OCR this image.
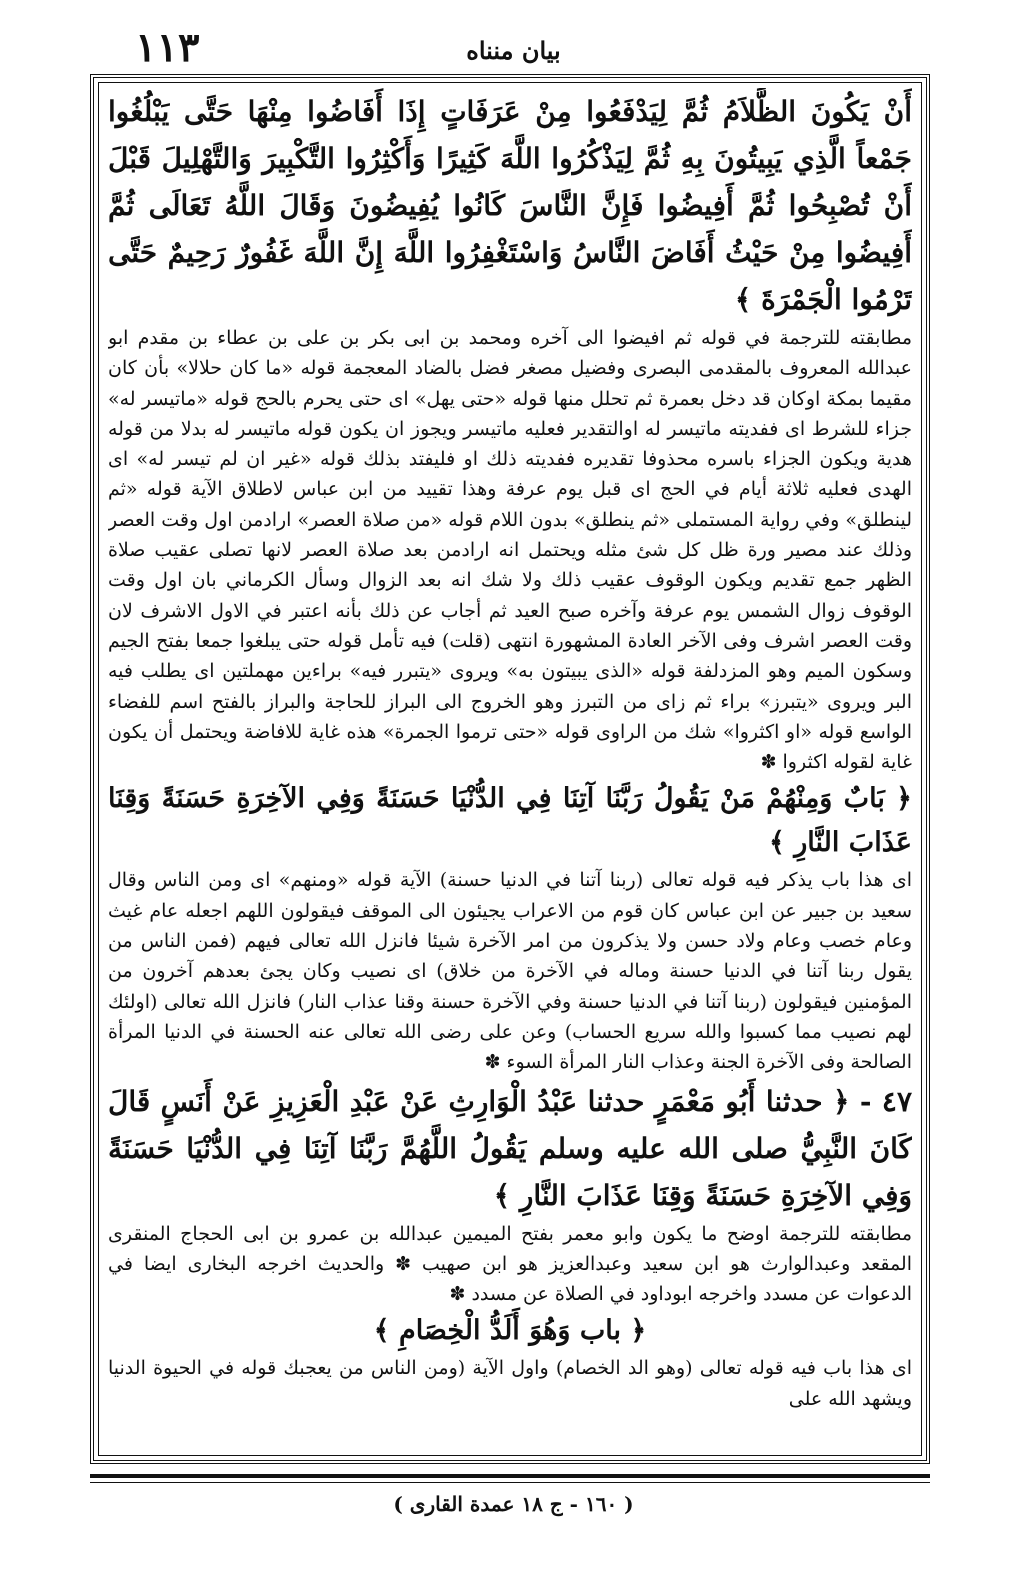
١١٣	بيان منناه

أَنْ يَكُونَ الظَّلاَمُ ثُمَّ لِيَدْفَعُوا مِنْ عَرَفَاتٍ إِذَا أَفَاضُوا مِنْهَا حَتَّى يَبْلُغُوا جَمْعاً الَّذِي يَبِيتُونَ بِهِ ثُمَّ لِيَذْكُرُوا اللَّهَ كَثِيرًا وَأَكْثِرُوا التَّكْبِيرَ وَالتَّهْلِيلَ قَبْلَ أَنْ تُصْبِحُوا ثُمَّ أَفِيضُوا فَإِنَّ النَّاسَ كَانُوا يُفِيضُونَ وَقَالَ اللَّهُ تَعَالَى ثُمَّ أَفِيضُوا مِنْ حَيْثُ أَفَاضَ النَّاسُ وَاسْتَغْفِرُوا اللَّهَ إِنَّ اللَّهَ غَفُورٌ رَحِيمٌ حَتَّى تَرْمُوا الْجَمْرَةَ ﴾

مطابقته للترجمة في قوله ثم افيضوا الى آخره ومحمد بن ابى بكر بن على بن عطاء بن مقدم ابو عبدالله المعروف بالمقدمى البصرى وفضيل مصغر فضل بالضاد المعجمة قوله «ما كان حلالا» بأن كان مقيما بمكة اوكان قد دخل بعمرة ثم تحلل منها قوله «حتى يهل» اى حتى يحرم بالحج قوله «ماتيسر له» جزاء للشرط اى ففديته ماتيسر له اوالتقدير فعليه ماتيسر ويجوز ان يكون قوله ماتيسر له بدلا من قوله هدية ويكون الجزاء باسره محذوفا تقديره ففديته ذلك او فليفتد بذلك قوله «غير ان لم تيسر له» اى الهدى فعليه ثلاثة أيام في الحج اى قبل يوم عرفة وهذا تقييد من ابن عباس لاطلاق الآية قوله «ثم لينطلق» وفي رواية المستملى «ثم ينطلق» بدون اللام قوله «من صلاة العصر» ارادمن اول وقت العصر وذلك عند مصير ورة ظل كل شئ مثله ويحتمل انه ارادمن بعد صلاة العصر لانها تصلى عقيب صلاة الظهر جمع تقديم ويكون الوقوف عقيب ذلك ولا شك انه بعد الزوال وسأل الكرماني بان اول وقت الوقوف زوال الشمس يوم عرفة وآخره صبح العيد ثم أجاب عن ذلك بأنه اعتبر في الاول الاشرف لان وقت العصر اشرف وفى الآخر العادة المشهورة انتهى (قلت) فيه تأمل قوله حتى يبلغوا جمعا بفتح الجيم وسكون الميم وهو المزدلفة قوله «الذى يبيتون به» ويروى «يتبرر فيه» براءين مهملتين اى يطلب فيه البر ويروى «يتبرز» براء ثم زاى من التبرز وهو الخروج الى البراز للحاجة والبراز بالفتح اسم للفضاء الواسع قوله «او اكثروا» شك من الراوى قوله «حتى ترموا الجمرة» هذه غاية للافاضة ويحتمل أن يكون غاية لقوله اكثروا ✽

﴿ بَابٌ وَمِنْهُمْ مَنْ يَقُولُ رَبَّنَا آتِنَا فِي الدُّنْيَا حَسَنَةً وَفِي الآخِرَةِ حَسَنَةً وَقِنَا عَذَابَ النَّارِ ﴾

اى هذا باب يذكر فيه قوله تعالى (ربنا آتنا في الدنيا حسنة) الآية قوله «ومنهم» اى ومن الناس وقال سعيد بن جبير عن ابن عباس كان قوم من الاعراب يجيئون الى الموقف فيقولون اللهم اجعله عام غيث وعام خصب وعام ولاد حسن ولا يذكرون من امر الآخرة شيئا فانزل الله تعالى فيهم (فمن الناس من يقول ربنا آتنا في الدنيا حسنة وماله في الآخرة من خلاق) اى نصيب وكان يجئ بعدهم آخرون من المؤمنين فيقولون (ربنا آتنا في الدنيا حسنة وفي الآخرة حسنة وقنا عذاب النار) فانزل الله تعالى (اولئك لهم نصيب مما كسبوا والله سريع الحساب) وعن على رضى الله تعالى عنه الحسنة في الدنيا المرأة الصالحة وفى الآخرة الجنة وعذاب النار المرأة السوء ✽

٤٧ - ﴿ حدثنا أَبُو مَعْمَرٍ حدثنا عَبْدُ الْوَارِثِ عَنْ عَبْدِ الْعَزِيزِ عَنْ أَنَسٍ قَالَ كَانَ النَّبِيُّ صلى الله عليه وسلم يَقُولُ اللَّهُمَّ رَبَّنَا آتِنَا فِي الدُّنْيَا حَسَنَةً وَفِي الآخِرَةِ حَسَنَةً وَقِنَا عَذَابَ النَّارِ ﴾

مطابقته للترجمة اوضح ما يكون وابو معمر بفتح الميمين عبدالله بن عمرو بن ابى الحجاج المنقرى المقعد وعبدالوارث هو ابن سعيد وعبدالعزيز هو ابن صهيب ✽ والحديث اخرجه البخارى ايضا في الدعوات عن مسدد واخرجه ابوداود في الصلاة عن مسدد ✽

﴿ باب وَهُوَ أَلَدُّ الْخِصَامِ ﴾

اى هذا باب فيه قوله تعالى (وهو الد الخصام) واول الآية (ومن الناس من يعجبك قوله في الحيوة الدنيا ويشهد الله على

( ١٦٠ - ج ١٨ عمدة القارى )
